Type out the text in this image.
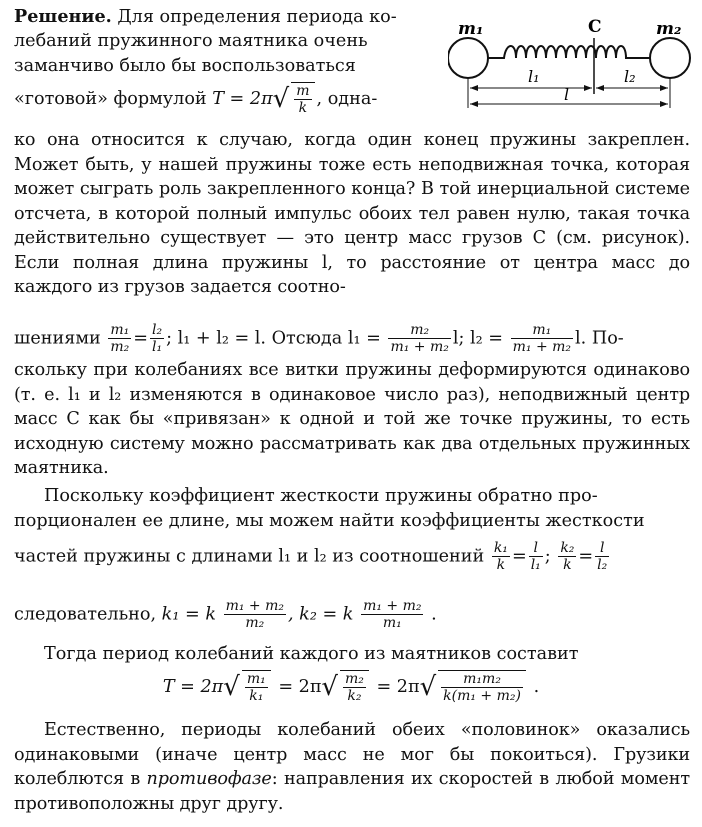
m₁	m₂
C
l₁	l₂
l
Решение. Для определения периода ко-
лебаний пружинного маятника очень
заманчиво было бы воспользоваться
«готовой» формулой $T = 2\pi√ \frac{m}{k}$ , одна-
ко она относится к случаю, когда один конец пружины закреплен. Может быть, у нашей пружины тоже есть неподвижная точка, которая может сыграть роль закрепленного конца? В той инерциальной системе отсчета, в которой полный импульс обоих тел равен нулю, такая точка действительно существует — это центр масс грузов C (см. рисунок). Если полная длина пружины l, то расстояние от центра масс до каждого из грузов задается соотно-
шениями $\frac{\text{m₁}}{\text{m₂}} = \frac{\text{l₂}}{\text{l₁}}$ ; l₁ + l₂ = l. Отсюда $l_1 = \frac{\text{m₂}}{\text{m₁ + m₂}} l$; $l_2 = \frac{\text{m₁}}{\text{m₁ + m₂}} l$. По-
скольку при колебаниях все витки пружины деформируются одинаково (т. е. l₁ и l₂ изменяются в одинаковое число раз), неподвижный центр масс C как бы «привязан» к одной и той же точке пружины, то есть исходную систему можно рассматривать как два отдельных пружинных маятника.
Поскольку коэффициент жесткости пружины обратно про-
порционален ее длине, мы можем найти коэффициенты жесткости
частей пружины с длинами l₁ и l₂ из соотношений $\frac{\text{k₁}}{k} = \frac{l}{\text{l₁}}$ ; $\frac{\text{k₂}}{k} = \frac{l}{\text{l₂}}$
следовательно, k₁ = k $\frac{\text{m₁ + m₂}}{\text{m₂}}$ , k₂ = k $\frac{\text{m₁ + m₂}}{\text{m₁}}$ .
Тогда период колебаний каждого из маятников составит
$T = 2\pi√ \frac{\text{m₁}}{\text{k₁}} = 2\pi√ \frac{\text{m₂}}{\text{k₂}} = 2\pi√ \frac{\text{m₁m₂}}{\text{k(m₁ + m₂)}}$ .
Естественно, периоды колебаний обеих «половинок» оказались одинаковыми (иначе центр масс не мог бы покоиться). Грузики колеблются в противофазе: направления их скоростей в любой момент противоположны друг другу.
